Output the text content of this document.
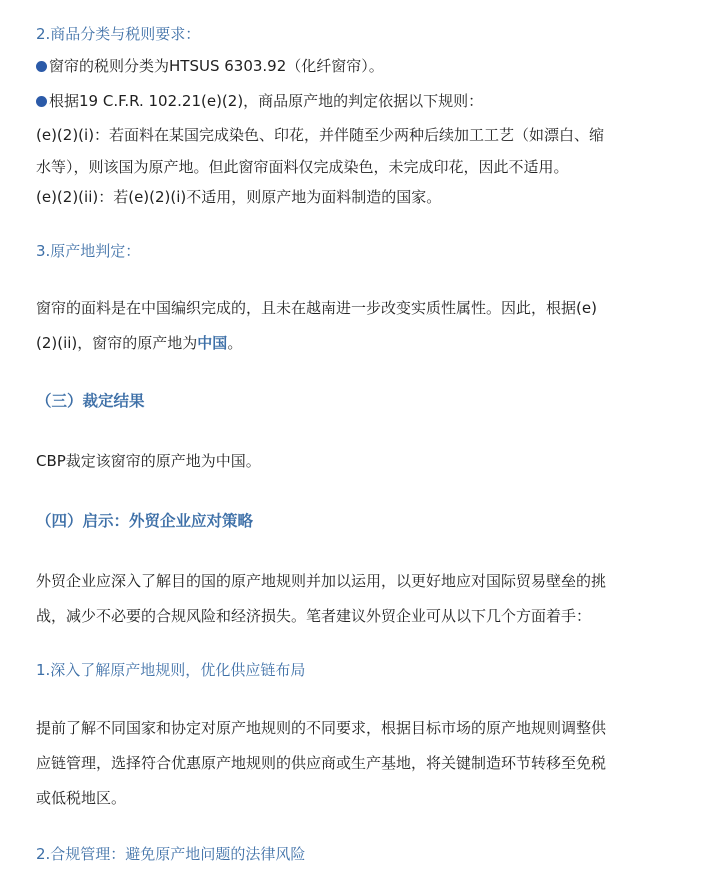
2.商品分类与税则要求：
窗帘的税则分类为HTSUS 6303.92（化纤窗帘）。
根据19 C.F.R. 102.21(e)(2)，商品原产地的判定依据以下规则：
(e)(2)(i)：若面料在某国完成染色、印花，并伴随至少两种后续加工工艺（如漂白、缩
水等），则该国为原产地。但此窗帘面料仅完成染色，未完成印花，因此不适用。
(e)(2)(ii)：若(e)(2)(i)不适用，则原产地为面料制造的国家。
3.原产地判定：
窗帘的面料是在中国编织完成的，且未在越南进一步改变实质性属性。因此，根据(e)
(2)(ii)，窗帘的原产地为中国。
（三）裁定结果
CBP裁定该窗帘的原产地为中国。
（四）启示：外贸企业应对策略
外贸企业应深入了解目的国的原产地规则并加以运用，以更好地应对国际贸易壁垒的挑
战，减少不必要的合规风险和经济损失。笔者建议外贸企业可从以下几个方面着手：
1.深入了解原产地规则，优化供应链布局
提前了解不同国家和协定对原产地规则的不同要求，根据目标市场的原产地规则调整供
应链管理，选择符合优惠原产地规则的供应商或生产基地，将关键制造环节转移至免税
或低税地区。
2.合规管理：避免原产地问题的法律风险
